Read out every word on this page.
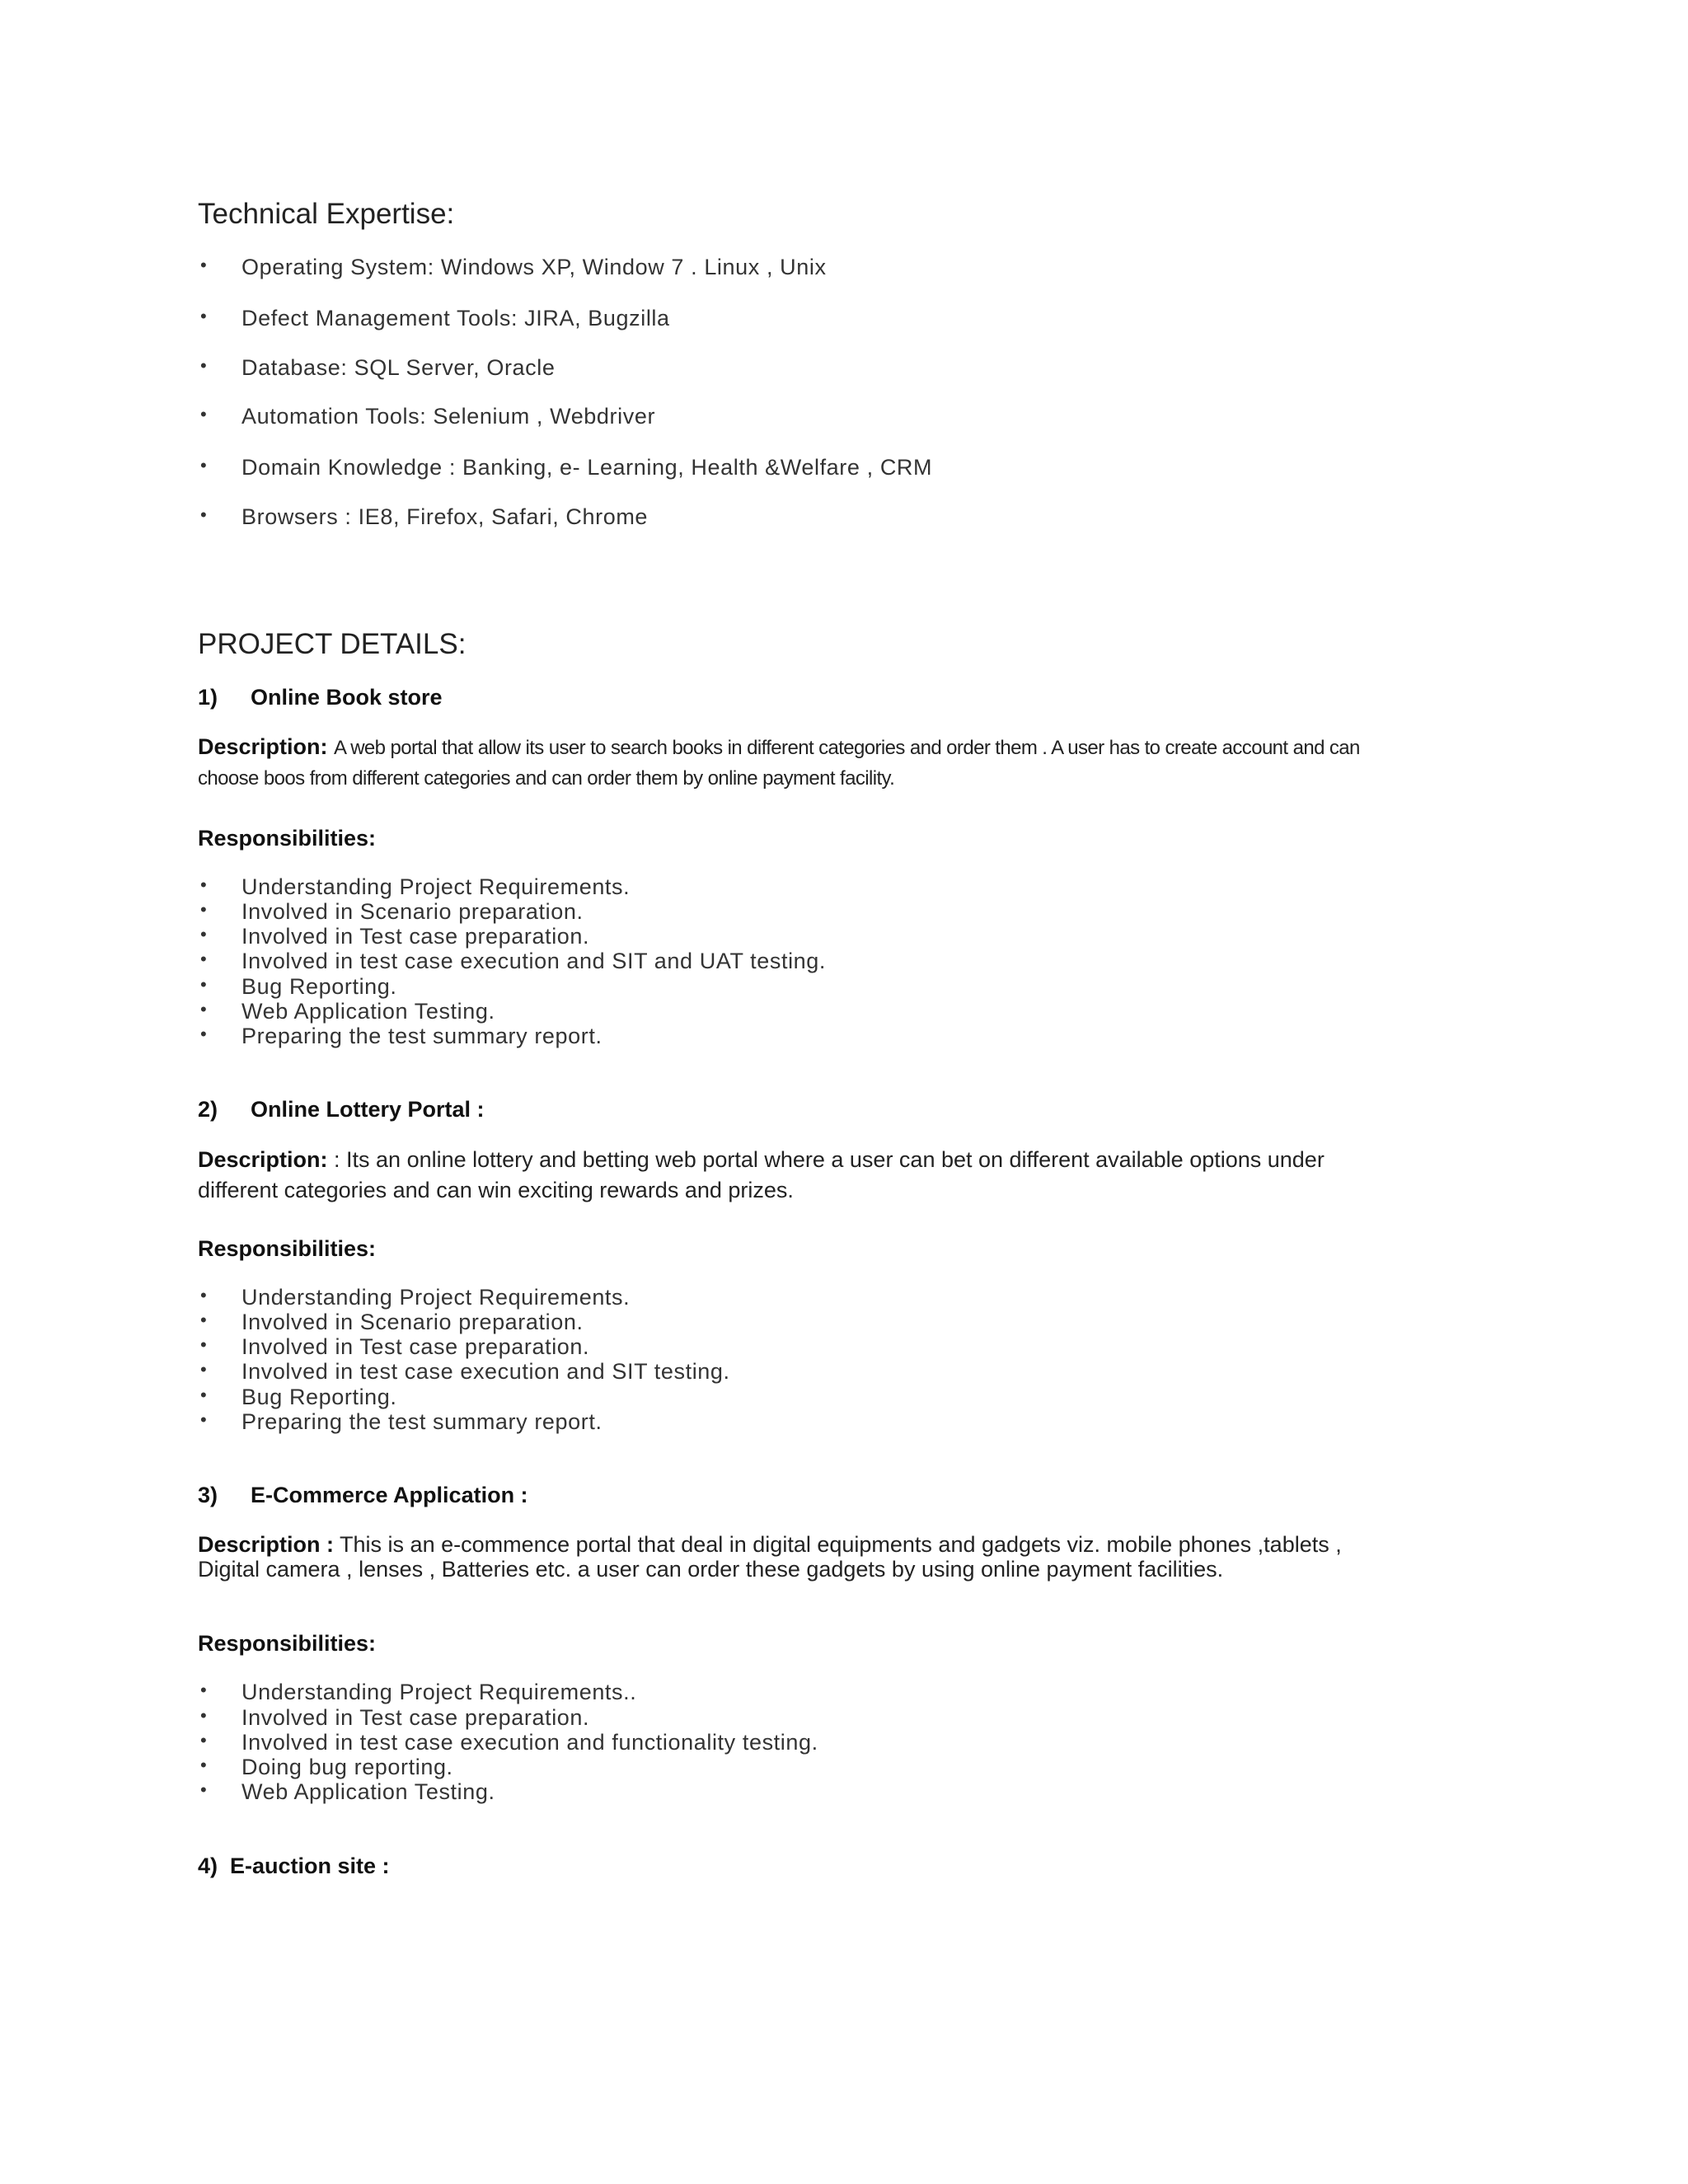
Technical Expertise:
• Operating System: Windows XP, Window 7 . Linux , Unix
• Defect Management Tools: JIRA, Bugzilla
• Database: SQL Server, Oracle
• Automation Tools: Selenium , Webdriver
• Domain Knowledge : Banking, e- Learning, Health &Welfare , CRM
• Browsers : IE8, Firefox, Safari, Chrome
PROJECT DETAILS:
1) Online Book store
Description: A web portal that allow its user to search books in different categories and order them . A user has to create account and can
choose boos from different categories and can order them by online payment facility.
Responsibilities:
• Understanding Project Requirements.
• Involved in Scenario preparation.
• Involved in Test case preparation.
• Involved in test case execution and SIT and UAT testing.
• Bug Reporting.
• Web Application Testing.
• Preparing the test summary report.
2) Online Lottery Portal :
Description: : Its an online lottery and betting web portal where a user can bet on different available options under
different categories and can win exciting rewards and prizes.
Responsibilities:
• Understanding Project Requirements.
• Involved in Scenario preparation.
• Involved in Test case preparation.
• Involved in test case execution and SIT testing.
• Bug Reporting.
• Preparing the test summary report.
3) E-Commerce Application :
Description : This is an e-commence portal that deal in digital equipments and gadgets viz. mobile phones ,tablets ,
Digital camera , lenses , Batteries etc. a user can order these gadgets by using online payment facilities.
Responsibilities:
• Understanding Project Requirements..
• Involved in Test case preparation.
• Involved in test case execution and functionality testing.
• Doing bug reporting.
• Web Application Testing.
4) E-auction site :
